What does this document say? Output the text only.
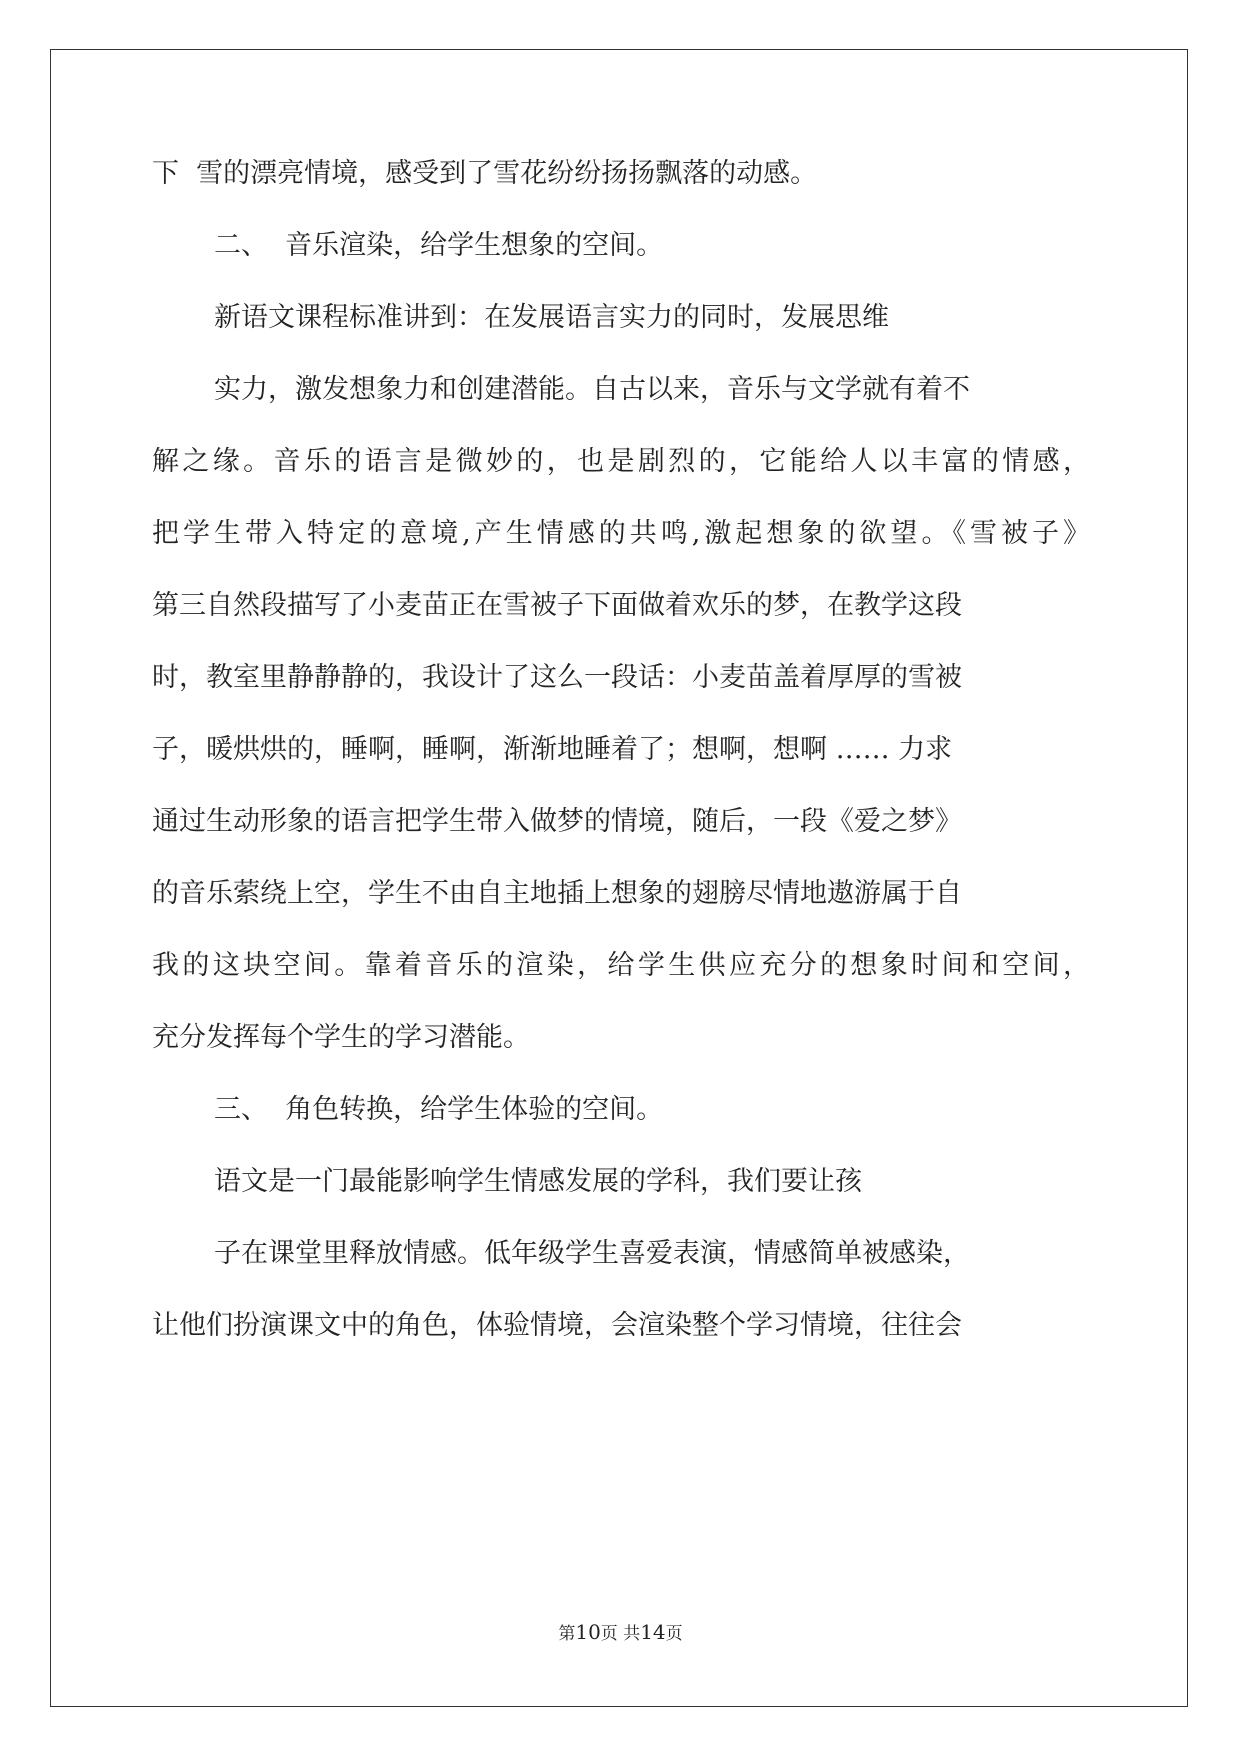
下  雪的漂亮情境，感受到了雪花纷纷扬扬飘落的动感。
二、  音乐渲染，给学生想象的空间。
新语文课程标准讲到：在发展语言实力的同时，发展思维
实力，激发想象力和创建潜能。自古以来，音乐与文学就有着不
解之缘。音乐的语言是微妙的，也是剧烈的，它能给人以丰富的情感，
把学生带入特定的意境,产生情感的共鸣,激起想象的欲望。《雪被子》
第三自然段描写了小麦苗正在雪被子下面做着欢乐的梦，在教学这段
时，教室里静静静的，我设计了这么一段话：小麦苗盖着厚厚的雪被
子，暖烘烘的，睡啊，睡啊，渐渐地睡着了；想啊，想啊 …… 力求
通过生动形象的语言把学生带入做梦的情境，随后，一段《爱之梦》
的音乐萦绕上空，学生不由自主地插上想象的翅膀尽情地遨游属于自
我的这块空间。靠着音乐的渲染，给学生供应充分的想象时间和空间，
充分发挥每个学生的学习潜能。
三、  角色转换，给学生体验的空间。
语文是一门最能影响学生情感发展的学科，我们要让孩
子在课堂里释放情感。低年级学生喜爱表演，情感简单被感染，
让他们扮演课文中的角色，体验情境，会渲染整个学习情境，往往会
第10页 共14页
